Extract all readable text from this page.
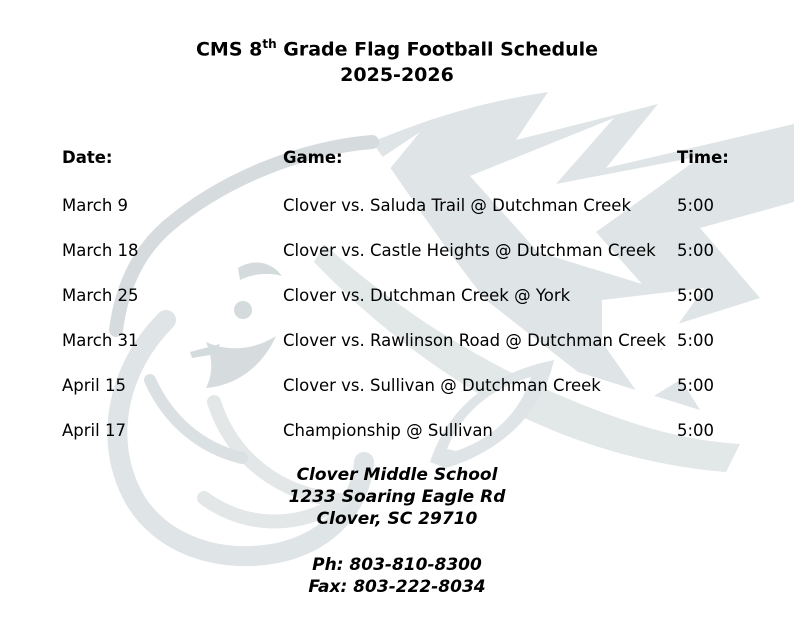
CMS 8th Grade Flag Football Schedule
2025-2026
Date:	Game:	Time:
March 9	Clover vs. Saluda Trail @ Dutchman Creek	5:00
March 18	Clover vs. Castle Heights @ Dutchman Creek	5:00
March 25	Clover vs. Dutchman Creek @ York	5:00
March 31	Clover vs. Rawlinson Road @ Dutchman Creek 5:00
April 15	Clover vs. Sullivan @ Dutchman Creek	5:00
April 17	Championship @ Sullivan	5:00
Clover Middle School
1233 Soaring Eagle Rd
Clover, SC 29710
Ph: 803-810-8300
Fax: 803-222-8034
